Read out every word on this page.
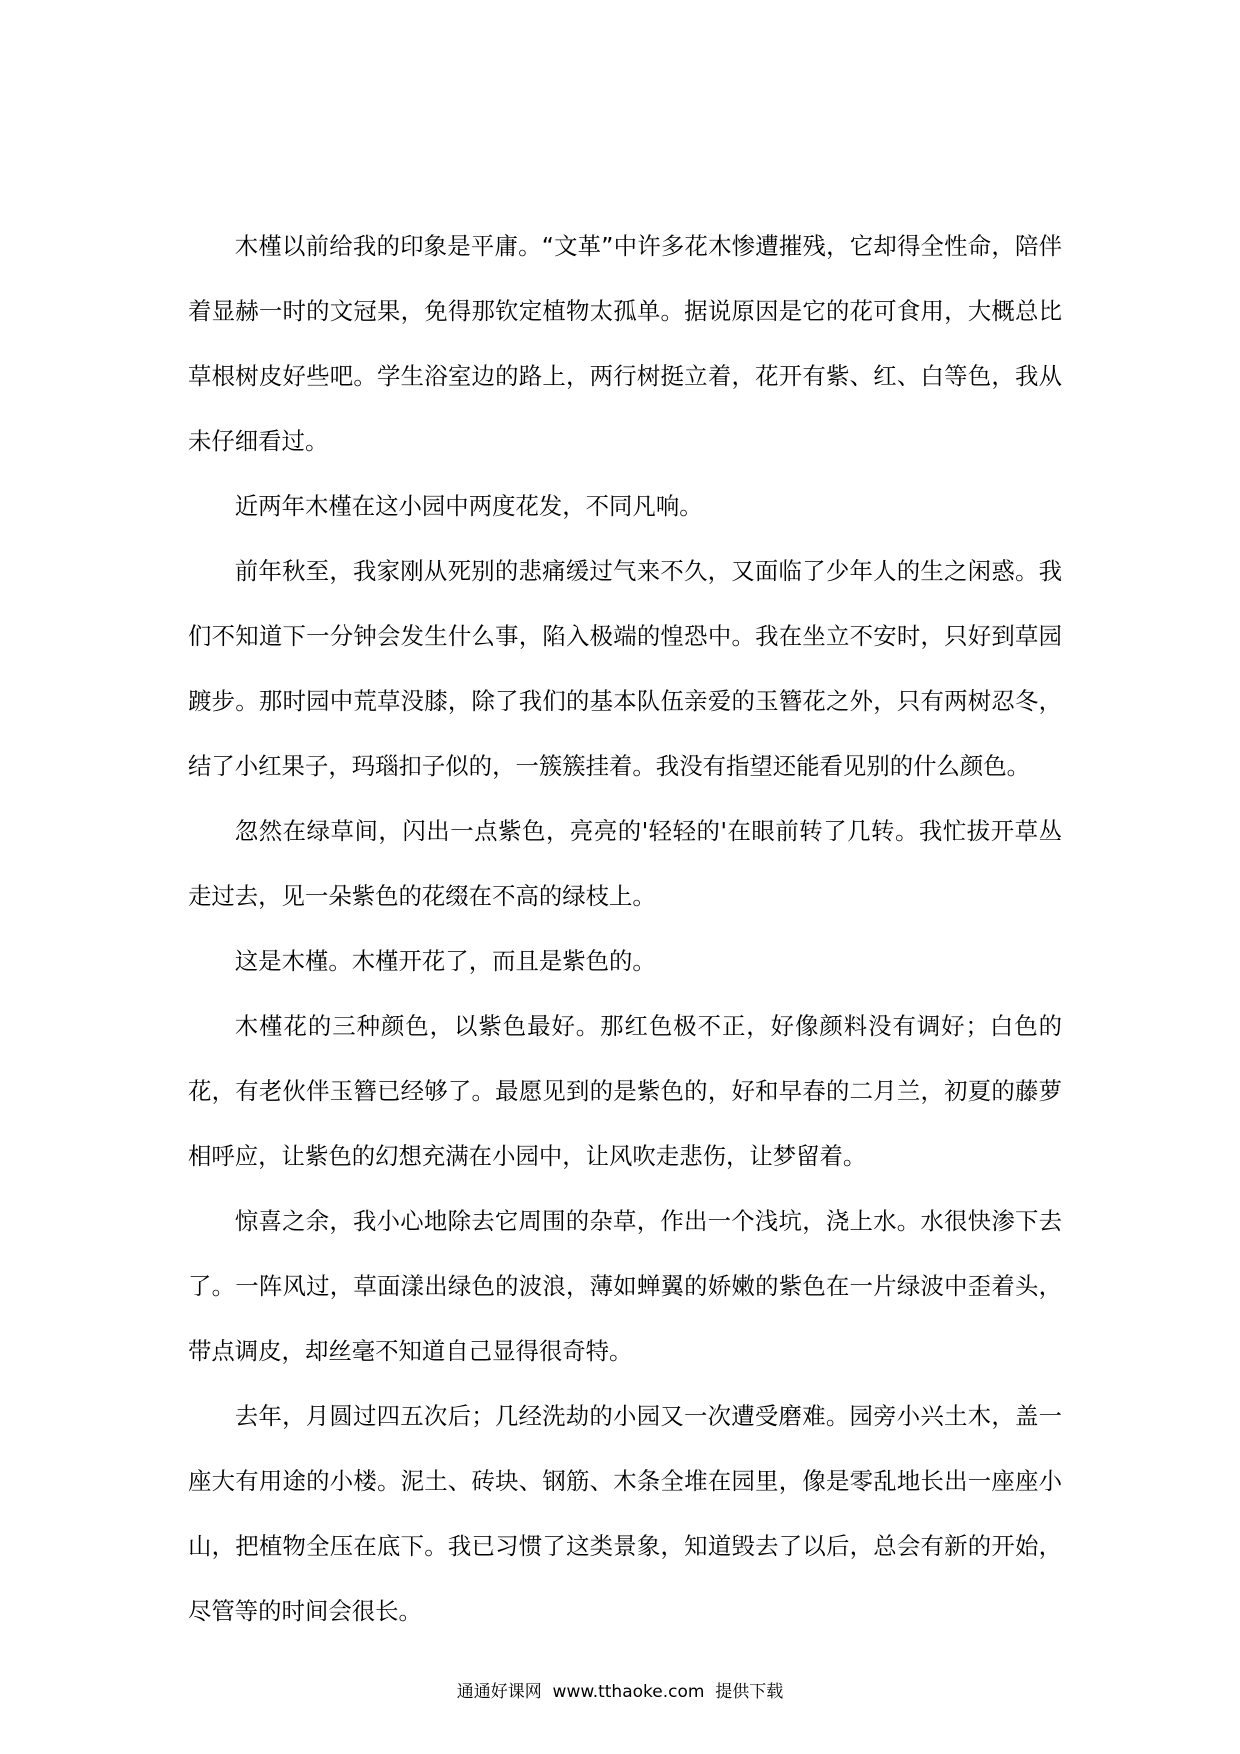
木槿以前给我的印象是平庸。“文革”中许多花木惨遭摧残，它却得全性命，陪伴着显赫一时的文冠果，免得那钦定植物太孤单。据说原因是它的花可食用，大概总比草根树皮好些吧。学生浴室边的路上，两行树挺立着，花开有紫、红、白等色，我从未仔细看过。

近两年木槿在这小园中两度花发，不同凡响。

前年秋至，我家刚从死别的悲痛缓过气来不久，又面临了少年人的生之闲惑。我们不知道下一分钟会发生什么事，陷入极端的惶恐中。我在坐立不安时，只好到草园踱步。那时园中荒草没膝，除了我们的基本队伍亲爱的玉簪花之外，只有两树忍冬，结了小红果子，玛瑙扣子似的，一簇簇挂着。我没有指望还能看见别的什么颜色。

忽然在绿草间，闪出一点紫色，亮亮的'轻轻的'在眼前转了几转。我忙拔开草丛走过去，见一朵紫色的花缀在不高的绿枝上。

这是木槿。木槿开花了，而且是紫色的。

木槿花的三种颜色，以紫色最好。那红色极不正，好像颜料没有调好；白色的花，有老伙伴玉簪已经够了。最愿见到的是紫色的，好和早春的二月兰，初夏的藤萝相呼应，让紫色的幻想充满在小园中，让风吹走悲伤，让梦留着。

惊喜之余，我小心地除去它周围的杂草，作出一个浅坑，浇上水。水很快渗下去了。一阵风过，草面漾出绿色的波浪，薄如蝉翼的娇嫩的紫色在一片绿波中歪着头，带点调皮，却丝毫不知道自己显得很奇特。

去年，月圆过四五次后；几经洗劫的小园又一次遭受磨难。园旁小兴土木，盖一座大有用途的小楼。泥土、砖块、钢筋、木条全堆在园里，像是零乱地长出一座座小山，把植物全压在底下。我已习惯了这类景象，知道毁去了以后，总会有新的开始，尽管等的时间会很长。

通通好课网  www.tthaoke.com  提供下载
